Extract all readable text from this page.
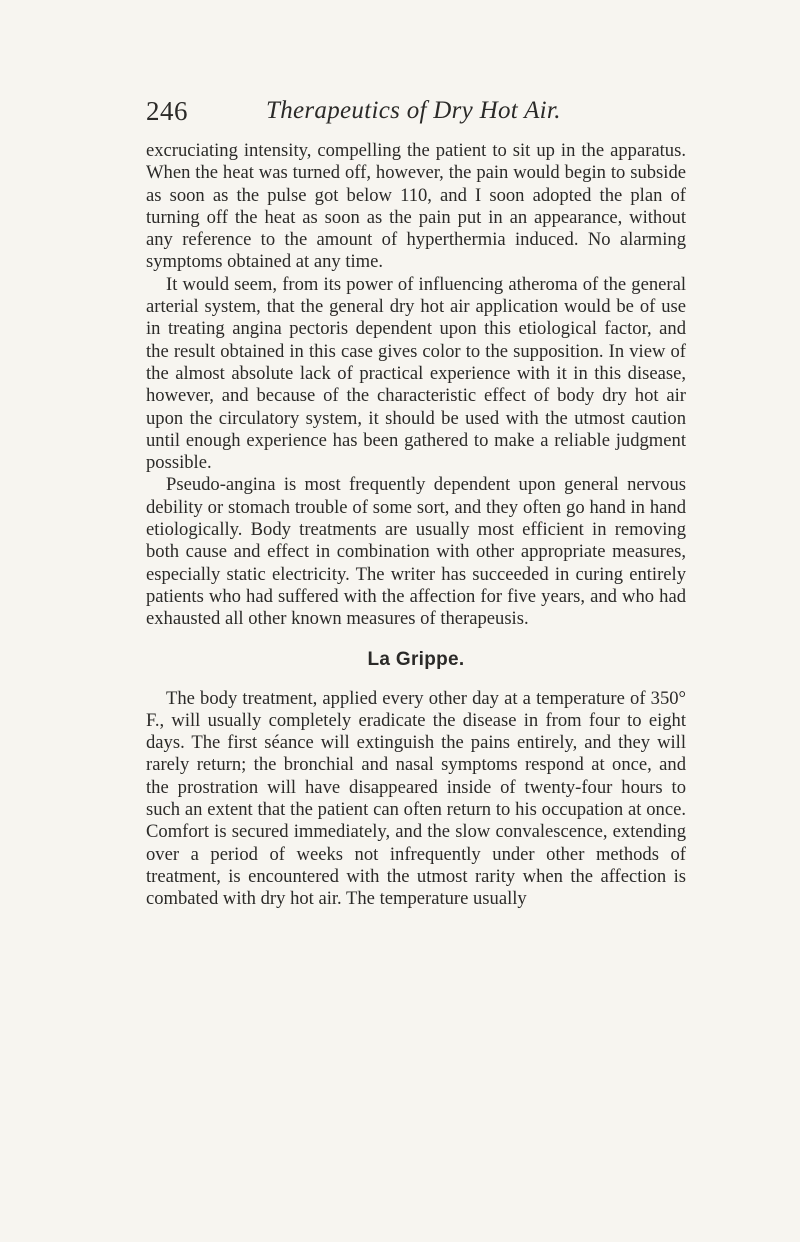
246	Therapeutics of Dry Hot Air.

excruciating intensity, compelling the patient to sit up in the apparatus. When the heat was turned off, however, the pain would begin to subside as soon as the pulse got below 110, and I soon adopted the plan of turning off the heat as soon as the pain put in an appearance, without any reference to the amount of hyperthermia induced. No alarming symptoms obtained at any time.

It would seem, from its power of influencing atheroma of the general arterial system, that the general dry hot air application would be of use in treating angina pectoris dependent upon this etiological factor, and the result obtained in this case gives color to the supposition. In view of the almost absolute lack of practical experience with it in this disease, however, and because of the characteristic effect of body dry hot air upon the circulatory system, it should be used with the utmost caution until enough experience has been gathered to make a reliable judgment possible.

Pseudo-angina is most frequently dependent upon general nervous debility or stomach trouble of some sort, and they often go hand in hand etiologically. Body treatments are usually most efficient in removing both cause and effect in combination with other appropriate measures, especially static electricity. The writer has succeeded in curing entirely patients who had suffered with the affection for five years, and who had exhausted all other known measures of therapeusis.

La Grippe.

The body treatment, applied every other day at a temperature of 350° F., will usually completely eradicate the disease in from four to eight days. The first séance will extinguish the pains entirely, and they will rarely return; the bronchial and nasal symptoms respond at once, and the prostration will have disappeared inside of twenty-four hours to such an extent that the patient can often return to his occupation at once. Comfort is secured immediately, and the slow convalescence, extending over a period of weeks not infrequently under other methods of treatment, is encountered with the utmost rarity when the affection is combated with dry hot air. The temperature usually
